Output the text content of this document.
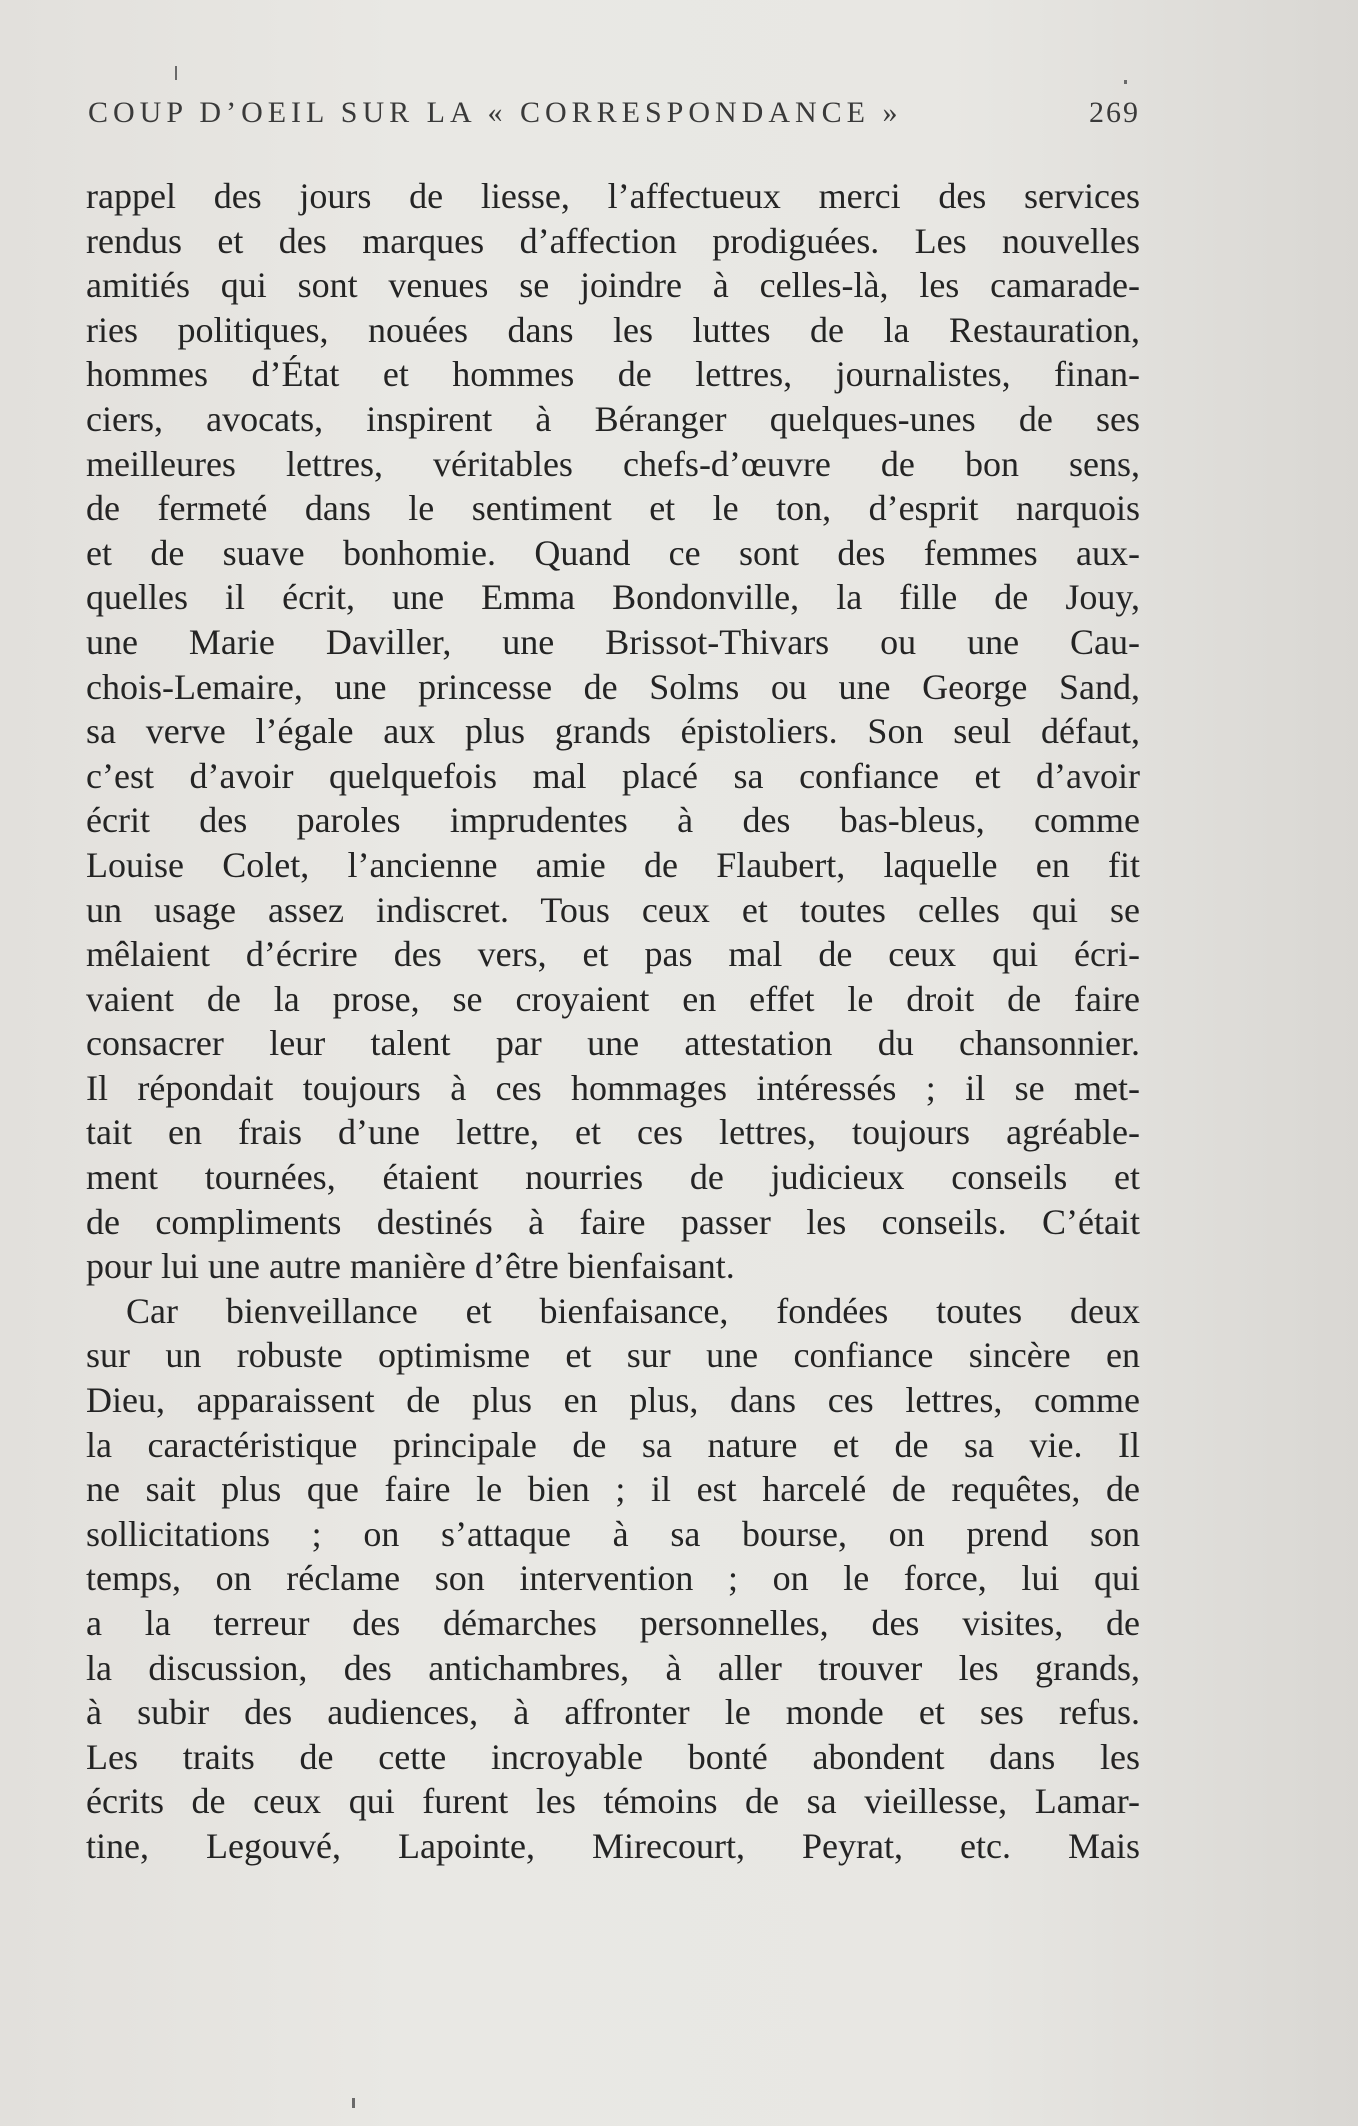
COUP D’OEIL SUR LA « CORRESPONDANCE »	269
rappel des jours de liesse, l’affectueux merci des services
rendus et des marques d’affection prodiguées. Les nouvelles
amitiés qui sont venues se joindre à celles-là, les camarade-
ries politiques, nouées dans les luttes de la Restauration,
hommes d’État et hommes de lettres, journalistes, finan-
ciers, avocats, inspirent à Béranger quelques-unes de ses
meilleures lettres, véritables chefs-d’œuvre de bon sens,
de fermeté dans le sentiment et le ton, d’esprit narquois
et de suave bonhomie. Quand ce sont des femmes aux-
quelles il écrit, une Emma Bondonville, la fille de Jouy,
une Marie Daviller, une Brissot-Thivars ou une Cau-
chois-Lemaire, une princesse de Solms ou une George Sand,
sa verve l’égale aux plus grands épistoliers. Son seul défaut,
c’est d’avoir quelquefois mal placé sa confiance et d’avoir
écrit des paroles imprudentes à des bas-bleus, comme
Louise Colet, l’ancienne amie de Flaubert, laquelle en fit
un usage assez indiscret. Tous ceux et toutes celles qui se
mêlaient d’écrire des vers, et pas mal de ceux qui écri-
vaient de la prose, se croyaient en effet le droit de faire
consacrer leur talent par une attestation du chansonnier.
Il répondait toujours à ces hommages intéressés ; il se met-
tait en frais d’une lettre, et ces lettres, toujours agréable-
ment tournées, étaient nourries de judicieux conseils et
de compliments destinés à faire passer les conseils. C’était
pour lui une autre manière d’être bienfaisant.
Car bienveillance et bienfaisance, fondées toutes deux
sur un robuste optimisme et sur une confiance sincère en
Dieu, apparaissent de plus en plus, dans ces lettres, comme
la caractéristique principale de sa nature et de sa vie. Il
ne sait plus que faire le bien ; il est harcelé de requêtes, de
sollicitations ; on s’attaque à sa bourse, on prend son
temps, on réclame son intervention ; on le force, lui qui
a la terreur des démarches personnelles, des visites, de
la discussion, des antichambres, à aller trouver les grands,
à subir des audiences, à affronter le monde et ses refus.
Les traits de cette incroyable bonté abondent dans les
écrits de ceux qui furent les témoins de sa vieillesse, Lamar-
tine, Legouvé, Lapointe, Mirecourt, Peyrat, etc. Mais
